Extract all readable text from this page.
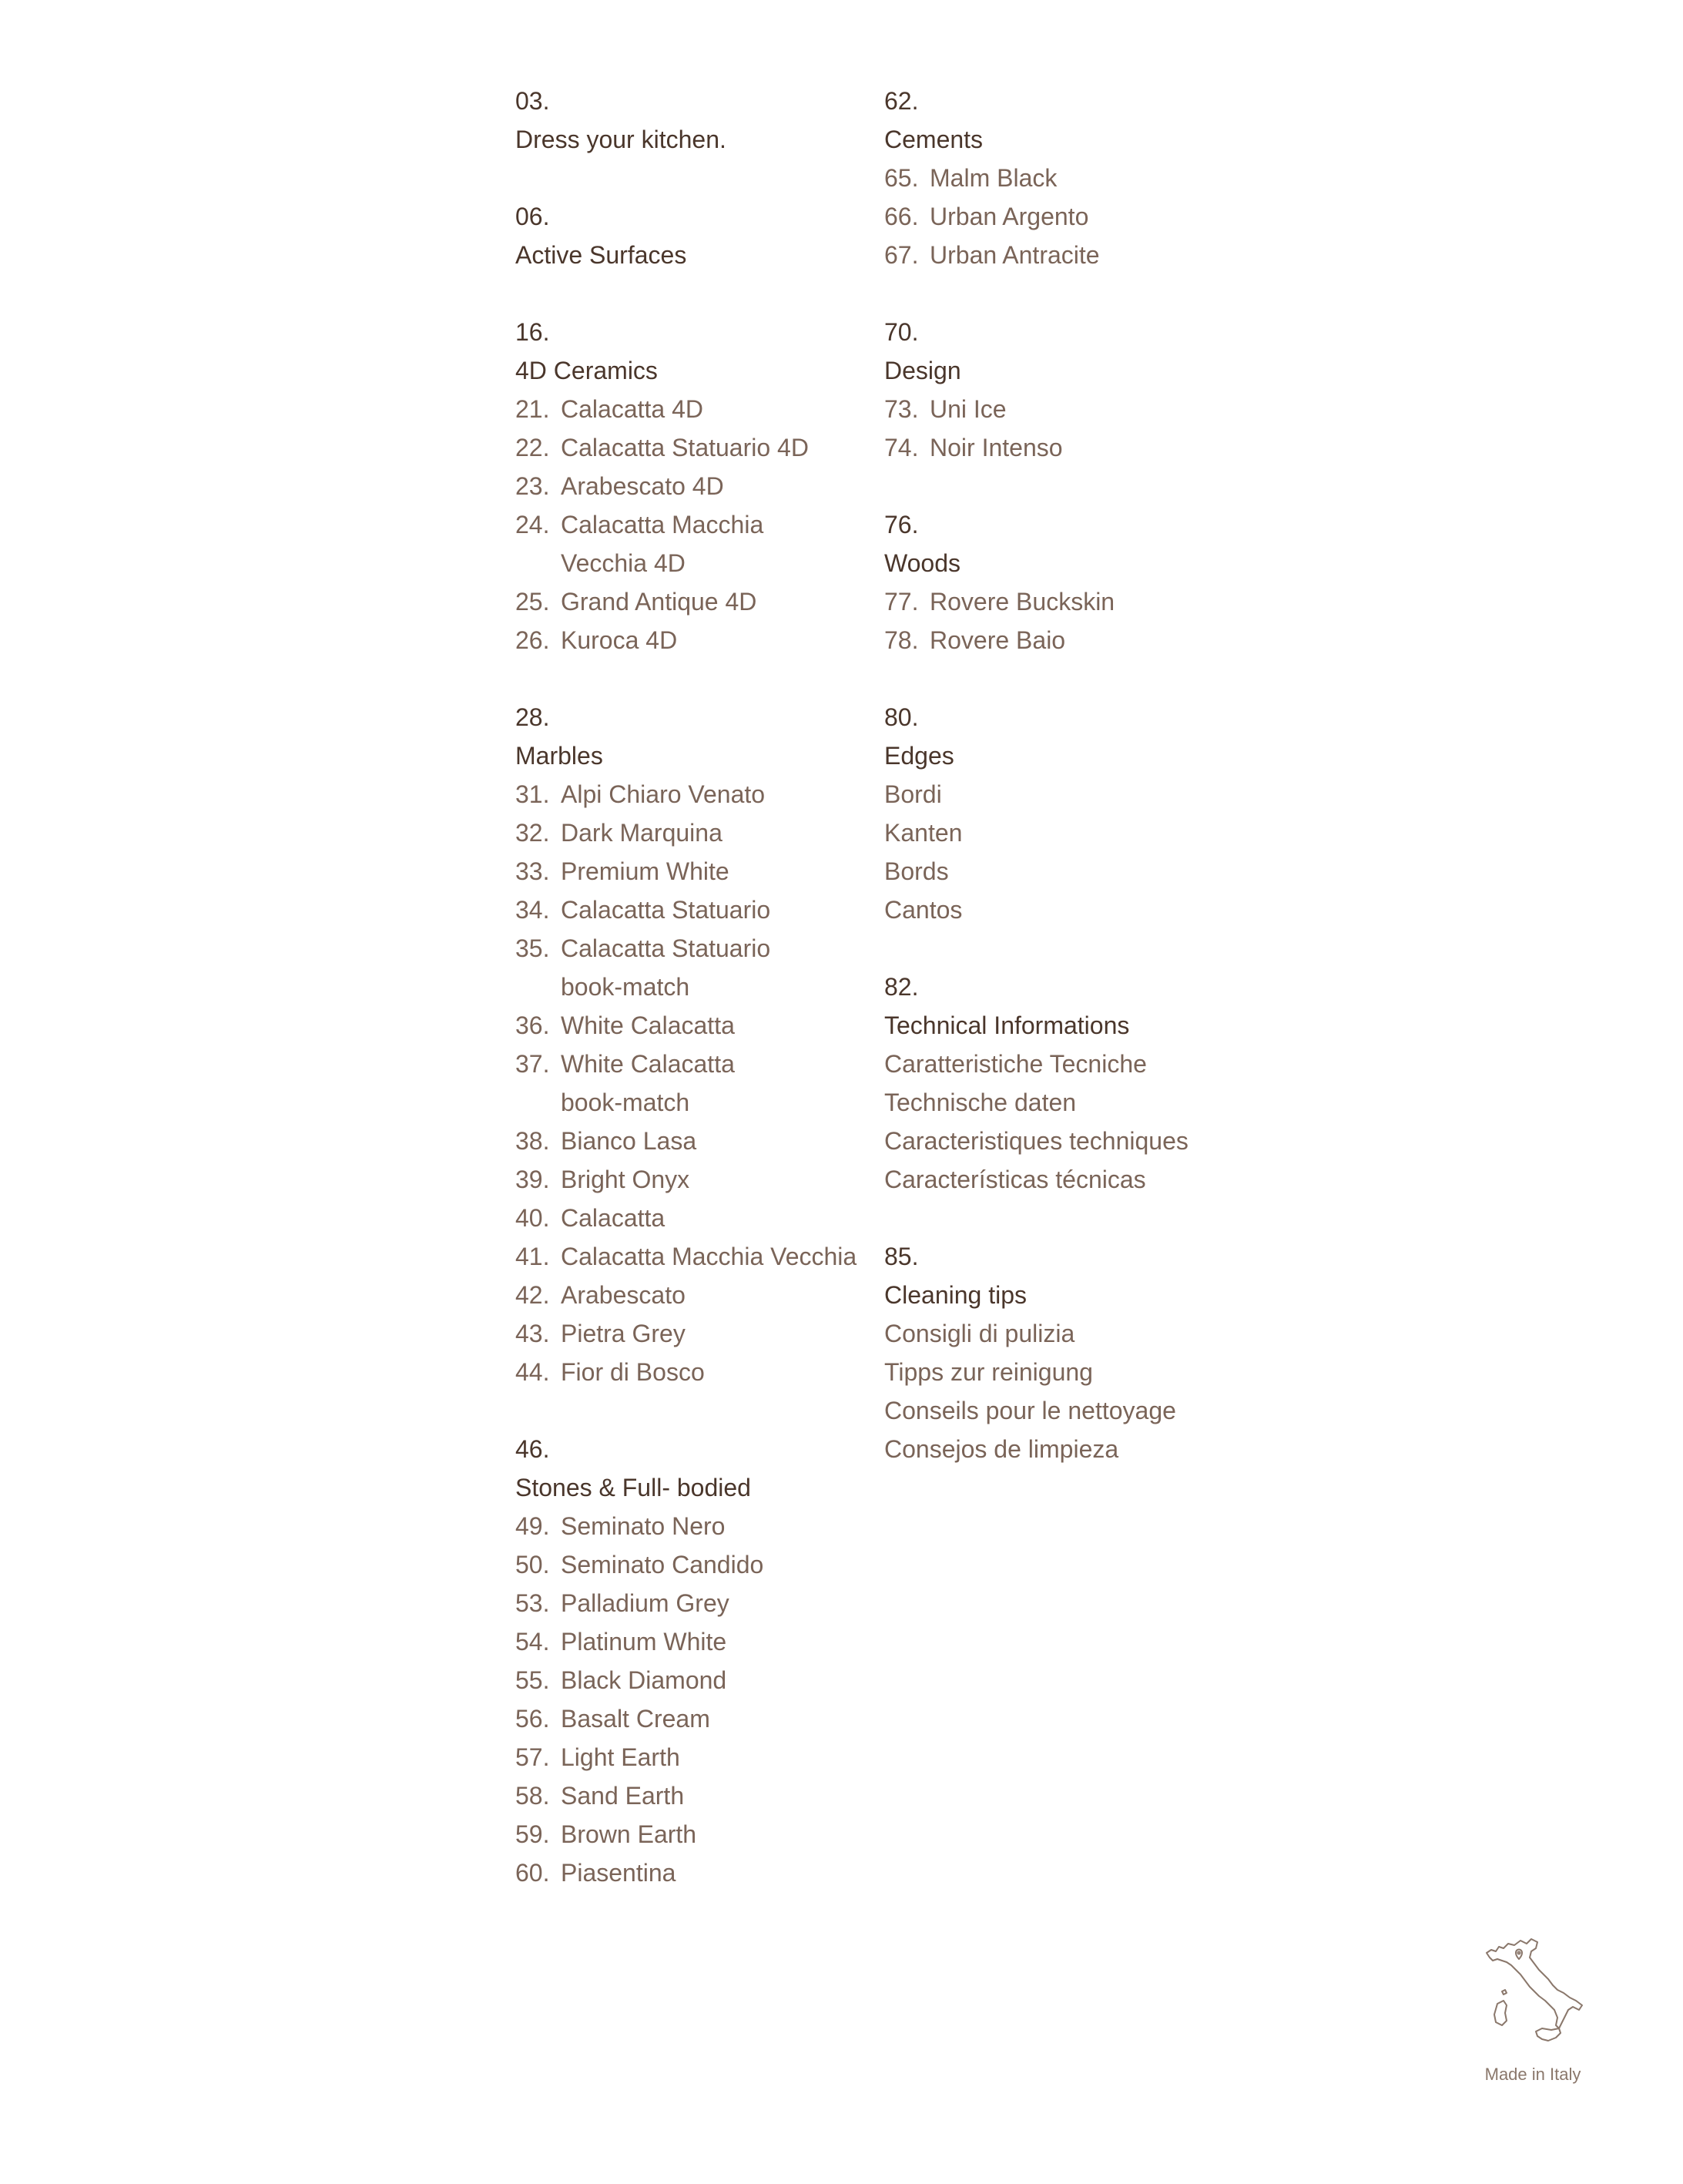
03.
Dress your kitchen.
06.
Active Surfaces
16.
4D Ceramics
21. Calacatta 4D
22. Calacatta Statuario 4D
23. Arabescato 4D
24. Calacatta Macchia
Vecchia 4D
25. Grand Antique 4D
26. Kuroca 4D
28.
Marbles
31. Alpi Chiaro Venato
32. Dark Marquina
33. Premium White
34. Calacatta Statuario
35. Calacatta Statuario
book-match
36. White Calacatta
37. White Calacatta
book-match
38. Bianco Lasa
39. Bright Onyx
40. Calacatta
41. Calacatta Macchia Vecchia
42. Arabescato
43. Pietra Grey
44. Fior di Bosco
46.
Stones & Full- bodied
49. Seminato Nero
50. Seminato Candido
53. Palladium Grey
54. Platinum White
55. Black Diamond
56. Basalt Cream
57. Light Earth
58. Sand Earth
59. Brown Earth
60. Piasentina
62.
Cements
65. Malm Black
66. Urban Argento
67. Urban Antracite
70.
Design
73. Uni Ice
74. Noir Intenso
76.
Woods
77. Rovere Buckskin
78. Rovere Baio
80.
Edges
Bordi
Kanten
Bords
Cantos
82.
Technical Informations
Caratteristiche Tecniche
Technische daten
Caracteristiques techniques
Características técnicas
85.
Cleaning tips
Consigli di pulizia
Tipps zur reinigung
Conseils pour le nettoyage
Consejos de limpieza
Made in Italy
